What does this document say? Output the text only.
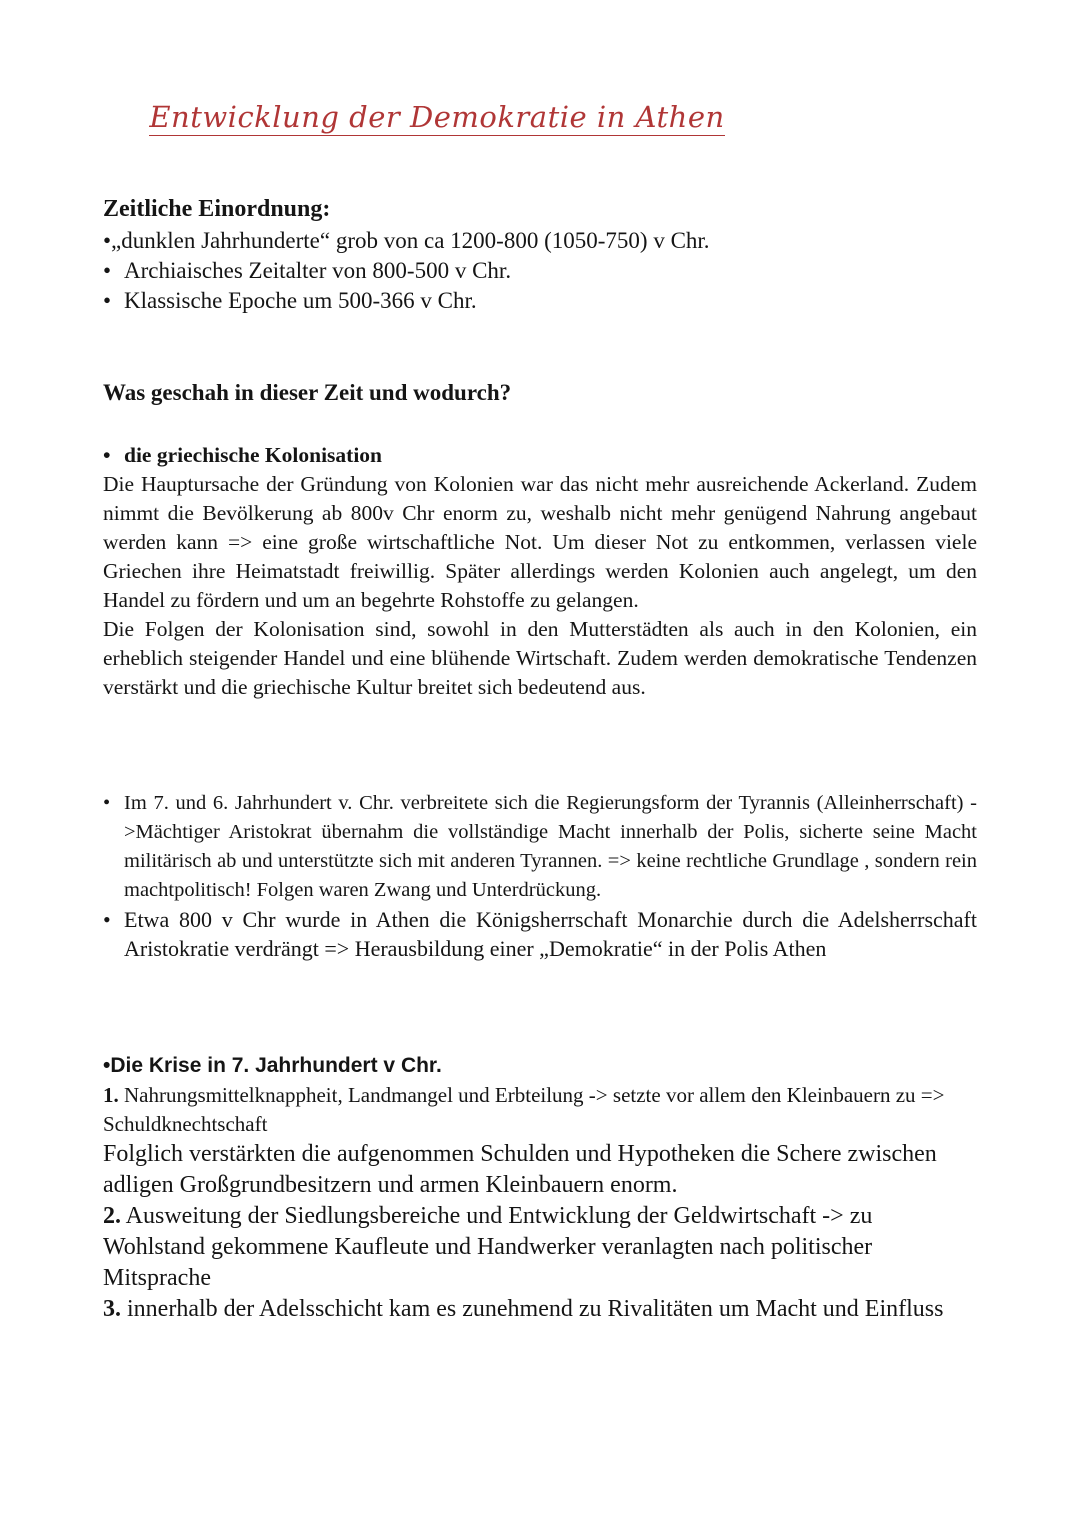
Entwicklung der Demokratie in Athen
Zeitliche Einordnung:
•„dunklen Jahrhunderte“ grob von ca 1200-800 (1050-750) v Chr.
• Archiaisches Zeitalter von 800-500 v Chr.
• Klassische Epoche um 500-366 v Chr.
Was geschah in dieser Zeit und wodurch?
• die griechische Kolonisation
Die Hauptursache der Gründung von Kolonien war das nicht mehr ausreichende Ackerland. Zudem nimmt die Bevölkerung ab 800v Chr enorm zu, weshalb nicht mehr genügend Nahrung angebaut werden kann => eine große wirtschaftliche Not. Um dieser Not zu entkommen, verlassen viele Griechen ihre Heimatstadt freiwillig. Später allerdings werden Kolonien auch angelegt, um den Handel zu fördern und um an begehrte Rohstoffe zu gelangen.
Die Folgen der Kolonisation sind, sowohl in den Mutterstädten als auch in den Kolonien, ein erheblich steigender Handel und eine blühende Wirtschaft. Zudem werden demokratische Tendenzen verstärkt und die griechische Kultur breitet sich bedeutend aus.
• Im 7. und 6. Jahrhundert v. Chr. verbreitete sich die Regierungsform der Tyrannis (Alleinherrschaft) ->Mächtiger Aristokrat übernahm die vollständige Macht innerhalb der Polis, sicherte seine Macht militärisch ab und unterstützte sich mit anderen Tyrannen. => keine rechtliche Grundlage , sondern rein machtpolitisch! Folgen waren Zwang und Unterdrückung.
• Etwa 800 v Chr wurde in Athen die Königsherrschaft Monarchie durch die Adelsherrschaft Aristokratie verdrängt => Herausbildung einer „Demokratie“ in der Polis Athen
•Die Krise in 7. Jahrhundert v Chr.
1. Nahrungsmittelknappheit, Landmangel und Erbteilung -> setzte vor allem den Kleinbauern zu => Schuldknechtschaft
Folglich verstärkten die aufgenommen Schulden und Hypotheken die Schere zwischen adligen Großgrundbesitzern und armen Kleinbauern enorm.
2. Ausweitung der Siedlungsbereiche und Entwicklung der Geldwirtschaft -> zu Wohlstand gekommene Kaufleute und Handwerker veranlagten nach politischer Mitsprache
3. innerhalb der Adelsschicht kam es zunehmend zu Rivalitäten um Macht und Einfluss
